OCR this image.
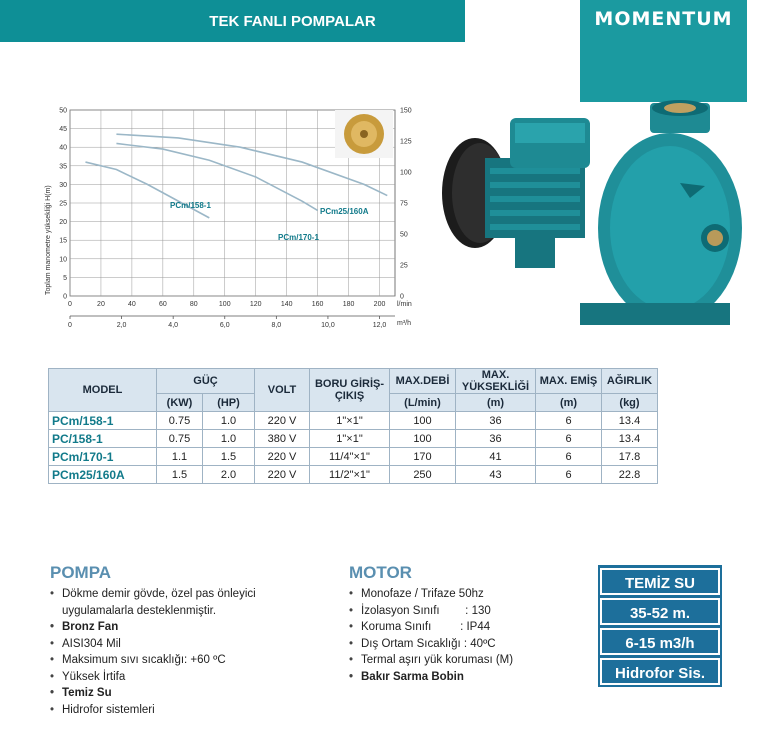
TEK FANLI POMPALAR	MOMENTUM
50
45
40
35
30
25
20
15
10
5
0
150
125
100
75
50
25
0
0	20	40	60	80	100	120	140	160	180	200 l/min
0	2,0	4,0	6,0	8,0	10,0	12,0 m³/h
PCm/158-1
PCm/170-1
PCm25/160A
Toplam manometre yüksekliği H(m)
MODEL	GÜÇ		VOLT	BORU GİRİŞ-ÇIKIŞ	MAX.DEBİ	MAX. YÜKSEKLİĞİ	MAX. EMİŞ	AĞIRLIK
	(KW)	(HP)			(L/min)	(m)	(m)	(kg)
PCm/158-1	0.75	1.0	220 V	1"×1"	100	36	6	13.4
PC/158-1	0.75	1.0	380 V	1"×1"	100	36	6	13.4
PCm/170-1	1.1	1.5	220 V	11/4"×1"	170	41	6	17.8
PCm25/160A	1.5	2.0	220 V	11/2"×1"	250	43	6	22.8
POMPA
• Dökme demir gövde, özel pas önleyici uygulamalarla desteklenmiştir.
• Bronz Fan
• AISI304 Mil
• Maksimum sıvı sıcaklığı: +60 ºC
• Yüksek İrtifa
• Temiz Su
• Hidrofor sistemleri
MOTOR
• Monofaze / Trifaze 50hz
• İzolasyon Sınıfı        : 130
• Koruma Sınıfı         : IP44
• Dış Ortam Sıcaklığı : 40ºC
• Termal aşırı yük koruması (M)
• Bakır Sarma Bobin
TEMİZ SU
35-52 m.
6-15 m3/h
Hidrofor Sis.
